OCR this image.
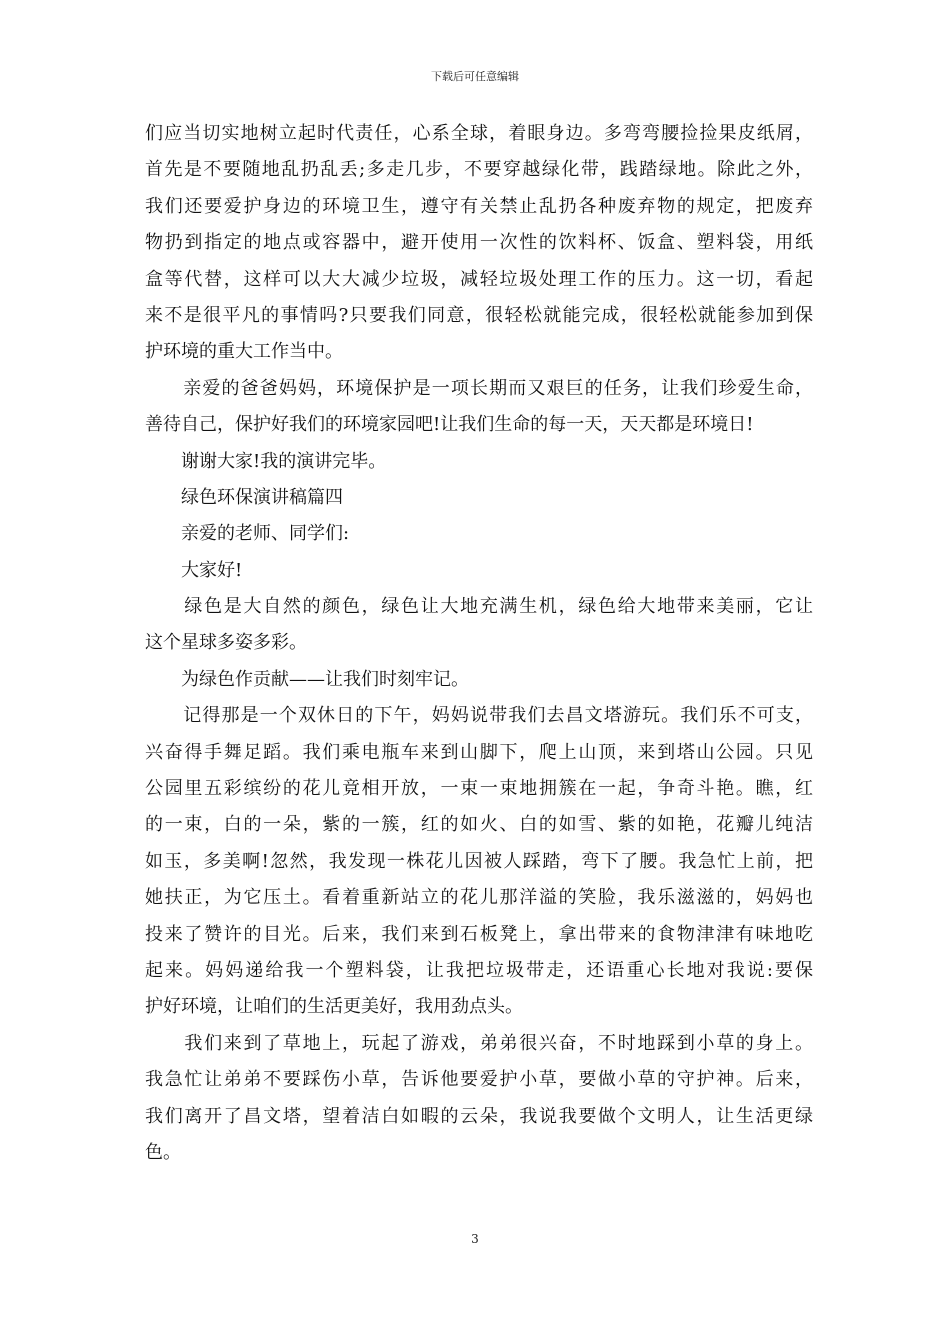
下载后可任意编辑
们应当切实地树立起时代责任，心系全球，着眼身边。多弯弯腰捡捡果皮纸屑，
首先是不要随地乱扔乱丢;多走几步，不要穿越绿化带，践踏绿地。除此之外，
我们还要爱护身边的环境卫生，遵守有关禁止乱扔各种废弃物的规定，把废弃
物扔到指定的地点或容器中，避开使用一次性的饮料杯、饭盒、塑料袋，用纸
盒等代替，这样可以大大减少垃圾，减轻垃圾处理工作的压力。这一切，看起
来不是很平凡的事情吗?只要我们同意，很轻松就能完成，很轻松就能参加到保
护环境的重大工作当中。
　　亲爱的爸爸妈妈，环境保护是一项长期而又艰巨的任务，让我们珍爱生命，
善待自己，保护好我们的环境家园吧!让我们生命的每一天，天天都是环境日!
　　谢谢大家!我的演讲完毕。
　　绿色环保演讲稿篇四
　　亲爱的老师、同学们:
　　大家好!
　　绿色是大自然的颜色，绿色让大地充满生机，绿色给大地带来美丽，它让
这个星球多姿多彩。
　　为绿色作贡献——让我们时刻牢记。
　　记得那是一个双休日的下午，妈妈说带我们去昌文塔游玩。我们乐不可支，
兴奋得手舞足蹈。我们乘电瓶车来到山脚下，爬上山顶，来到塔山公园。只见
公园里五彩缤纷的花儿竟相开放，一束一束地拥簇在一起，争奇斗艳。瞧，红
的一束，白的一朵，紫的一簇，红的如火、白的如雪、紫的如艳，花瓣儿纯洁
如玉，多美啊!忽然，我发现一株花儿因被人踩踏，弯下了腰。我急忙上前，把
她扶正，为它压土。看着重新站立的花儿那洋溢的笑脸，我乐滋滋的，妈妈也
投来了赞许的目光。后来，我们来到石板凳上，拿出带来的食物津津有味地吃
起来。妈妈递给我一个塑料袋，让我把垃圾带走，还语重心长地对我说:要保
护好环境，让咱们的生活更美好，我用劲点头。
　　我们来到了草地上，玩起了游戏，弟弟很兴奋，不时地踩到小草的身上。
我急忙让弟弟不要踩伤小草，告诉他要爱护小草，要做小草的守护神。后来，
我们离开了昌文塔，望着洁白如暇的云朵，我说我要做个文明人，让生活更绿
色。
3
